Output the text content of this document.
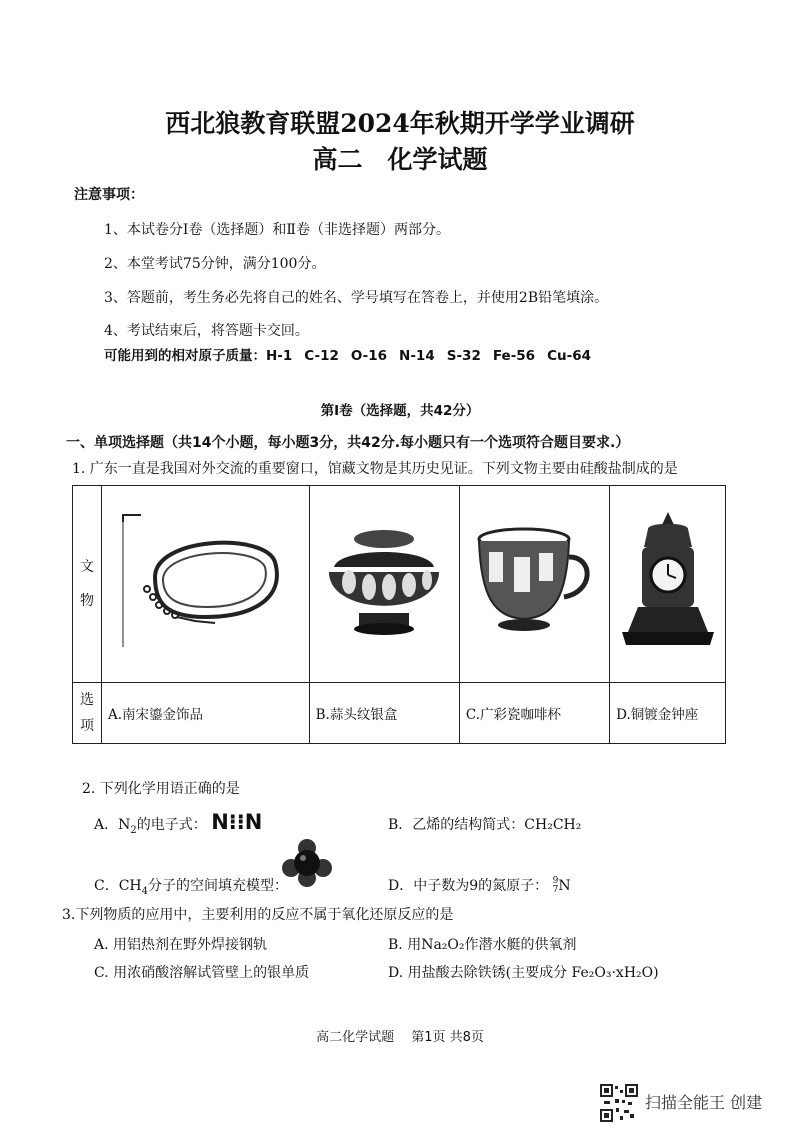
西北狼教育联盟2024年秋期开学学业调研
高二　化学试题
注意事项：
1、本试卷分Ⅰ卷（选择题）和Ⅱ卷（非选择题）两部分。
2、本堂考试75分钟，满分100分。
3、答题前，考生务必先将自己的姓名、学号填写在答卷上，并使用2B铅笔填涂。
4、考试结束后，将答题卡交回。
可能用到的相对原子质量：H-1 C-12 O-16 N-14 S-32 Fe-56 Cu-64
第Ⅰ卷（选择题，共42分）
一、单项选择题（共14个小题，每小题3分，共42分.每小题只有一个选项符合题目要求.）
1. 广东一直是我国对外交流的重要窗口，馆藏文物是其历史见证。下列文物主要由硅酸盐制成的是
文物

选项	A.南宋鎏金饰品	B.蒜头纹银盒	C.广彩瓷咖啡杯	D.铜镀金钟座
2. 下列化学用语正确的是
A．$N_2$的电子式： N⁝⁝N	B．乙烯的结构简式：CH₂CH₂
C．$CH_4$分子的空间填充模型：	D．中子数为9的氮原子： 9
7 N
3.下列物质的应用中，主要利用的反应不属于氧化还原反应的是
A. 用铝热剂在野外焊接钢轨	B. 用Na₂O₂作潜水艇的供氧剂
C. 用浓硝酸溶解试管壁上的银单质	D. 用盐酸去除铁锈(主要成分 Fe₂O₃·xH₂O)
高二化学试题　 第1页 共8页
扫描全能王 创建
